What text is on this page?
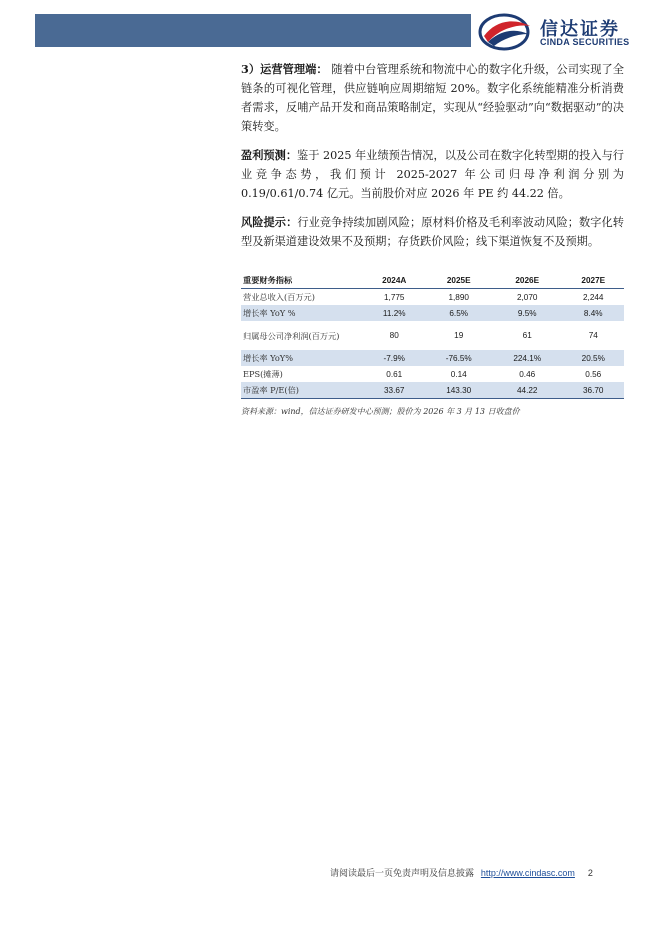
信达证券
CINDA SECURITIES

3）运营管理端： 随着中台管理系统和物流中心的数字化升级，公司实现了全链条的可视化管理，供应链响应周期缩短 20%。数字化系统能精准分析消费者需求，反哺产品开发和商品策略制定，实现从“经验驱动”向“数据驱动”的决策转变。

盈利预测：鉴于 2025 年业绩预告情况，以及公司在数字化转型期的投入与行业竞争态势，我们预计 2025-2027 年公司归母净利润分别为 0.19/0.61/0.74 亿元。当前股价对应 2026 年 PE 约 44.22 倍。

风险提示：行业竞争持续加剧风险；原材料价格及毛利率波动风险；数字化转型及新渠道建设效果不及预期；存货跌价风险；线下渠道恢复不及预期。

重要财务指标	2024A	2025E	2026E	2027E
营业总收入(百万元)	1,775	1,890	2,070	2,244
增长率 YoY %	11.2%	6.5%	9.5%	8.4%
归属母公司净利润(百万元)	80	19	61	74
增长率 YoY%	-7.9%	-76.5%	224.1%	20.5%
EPS(摊薄)	0.61	0.14	0.46	0.56
市盈率 P/E(倍)	33.67	143.30	44.22	36.70
资料来源：wind，信达证券研发中心预测；股价为 2026 年 3 月 13 日收盘价
请阅读最后一页免责声明及信息披露 http://www.cindasc.com 2
